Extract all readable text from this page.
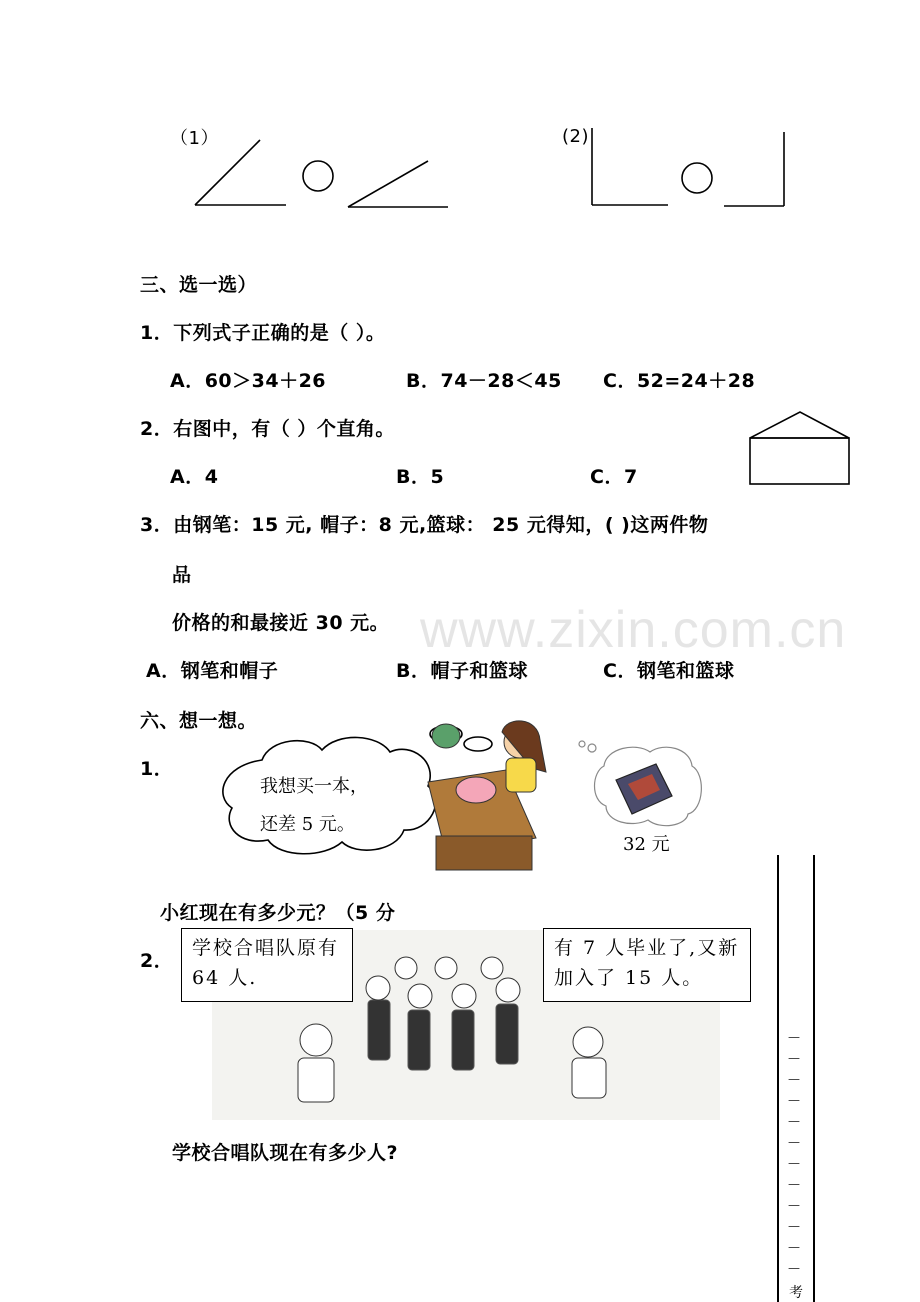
www.zixin.com.cn
（1）	(2)
三、选一选）
1．下列式子正确的是（ ）。
A．60＞34＋26	B．74－28＜45 C．52=24＋28
2．右图中，有（ ）个直角。
A．4	B．5	C．7
3．由钢笔：15 元, 帽子：8 元,篮球： 25 元得知，( )这两件物
品
价格的和最接近 30 元。
A．钢笔和帽子	B．帽子和篮球	C．钢笔和篮球
六、想一想。
1．
我想买一本，
还差 5 元。
32 元
小红现在有多少元？（5 分
2．
学校合唱队原有 64 人.
有 7 人毕业了,又新加入了 15 人。
学校合唱队现在有多少人?
—
—
—
—
—
—
—
—
—
—
—
—
考
